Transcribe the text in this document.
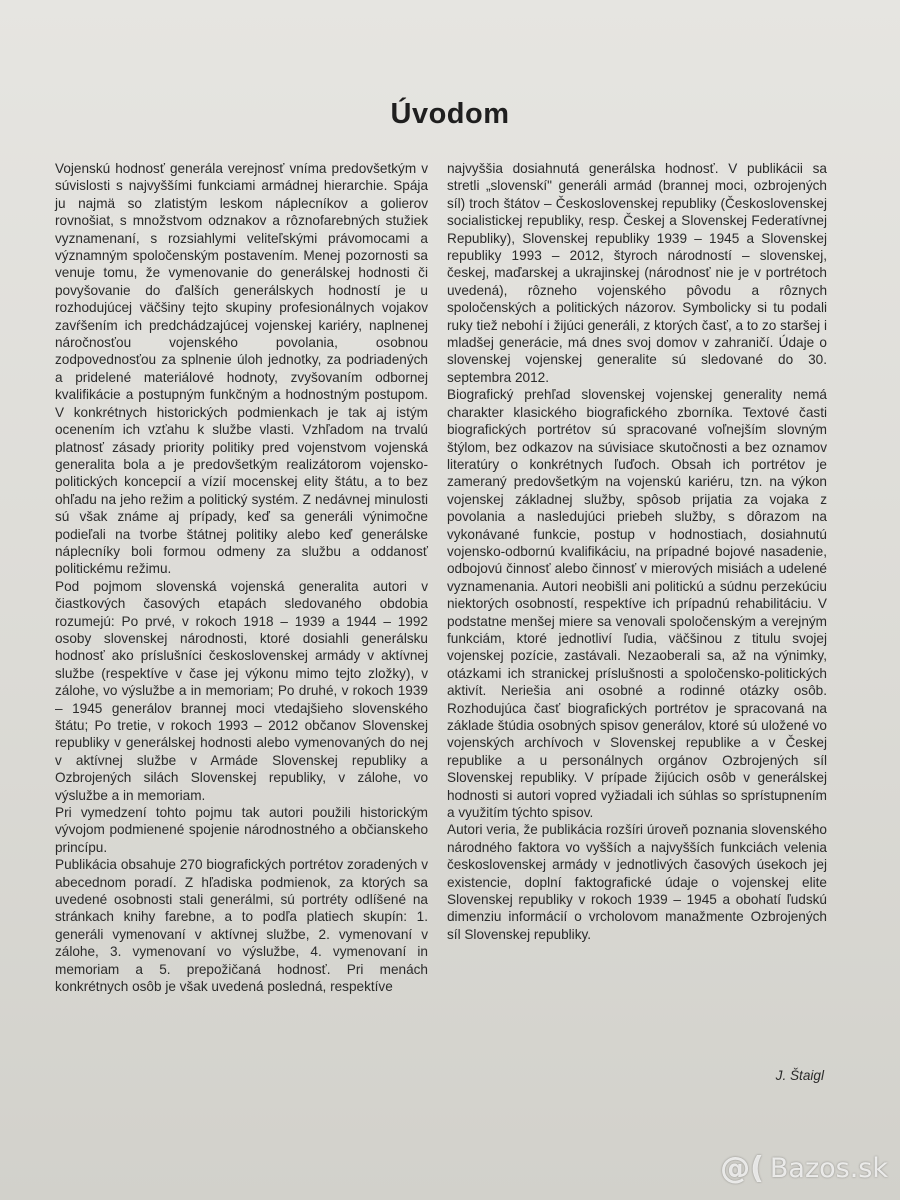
Úvodom

Vojenskú hodnosť generála verejnosť vníma predovšetkým v súvislosti s najvyššími funkciami armádnej hierarchie. Spája ju najmä so zlatistým leskom náplecníkov a golierov rovnošiat, s množstvom odznakov a rôznofarebných stužiek vyznamenaní, s rozsiahlymi veliteľskými právomocami a významným spoločenským postavením. Menej pozornosti sa venuje tomu, že vymenovanie do generálskej hodnosti či povyšovanie do ďalších generálskych hodností je u rozhodujúcej väčšiny tejto skupiny profesionálnych vojakov zavŕšením ich predchádzajúcej vojenskej kariéry, naplnenej náročnosťou vojenského povolania, osobnou zodpovednosťou za splnenie úloh jednotky, za podriadených a pridelené materiálové hodnoty, zvyšovaním odbornej kvalifikácie a postupným funkčným a hodnostným postupom. V konkrétnych historických podmienkach je tak aj istým ocenením ich vzťahu k službe vlasti. Vzhľadom na trvalú platnosť zásady priority politiky pred vojenstvom vojenská generalita bola a je predovšetkým realizátorom vojensko-politických koncepcií a vízií mocenskej elity štátu, a to bez ohľadu na jeho režim a politický systém. Z nedávnej minulosti sú však známe aj prípady, keď sa generáli výnimočne podieľali na tvorbe štátnej politiky alebo keď generálske náplecníky boli formou odmeny za službu a oddanosť politickému režimu.

Pod pojmom slovenská vojenská generalita autori v čiastkových časových etapách sledovaného obdobia rozumejú: Po prvé, v rokoch 1918 – 1939 a 1944 – 1992 osoby slovenskej národnosti, ktoré dosiahli generálsku hodnosť ako príslušníci československej armády v aktívnej službe (respektíve v čase jej výkonu mimo tejto zložky), v zálohe, vo výslužbe a in memoriam; Po druhé, v rokoch 1939 – 1945 generálov brannej moci vtedajšieho slovenského štátu; Po tretie, v rokoch 1993 – 2012 občanov Slovenskej republiky v generálskej hodnosti alebo vymenovaných do nej v aktívnej službe v Armáde Slovenskej republiky a Ozbrojených silách Slovenskej republiky, v zálohe, vo výslužbe a in memoriam.

Pri vymedzení tohto pojmu tak autori použili historickým vývojom podmienené spojenie národnostného a občianskeho princípu.

Publikácia obsahuje 270 biografických portrétov zoradených v abecednom poradí. Z hľadiska podmienok, za ktorých sa uvedené osobnosti stali generálmi, sú portréty odlíšené na stránkach knihy farebne, a to podľa platiech skupín: 1. generáli vymenovaní v aktívnej službe, 2. vymenovaní v zálohe, 3. vymenovaní vo výslužbe, 4. vymenovaní in memoriam a 5. prepožičaná hodnosť. Pri menách konkrétnych osôb je však uvedená posledná, respektíve

najvyššia dosiahnutá generálska hodnosť. V publikácii sa stretli „slovenskí" generáli armád (brannej moci, ozbrojených síl) troch štátov – Československej republiky (Československej socialistickej republiky, resp. Českej a Slovenskej Federatívnej Republiky), Slovenskej republiky 1939 – 1945 a Slovenskej republiky 1993 – 2012, štyroch národností – slovenskej, českej, maďarskej a ukrajinskej (národnosť nie je v portrétoch uvedená), rôzneho vojenského pôvodu a rôznych spoločenských a politických názorov. Symbolicky si tu podali ruky tiež nebohí i žijúci generáli, z ktorých časť, a to zo staršej i mladšej generácie, má dnes svoj domov v zahraničí. Údaje o slovenskej vojenskej generalite sú sledované do 30. septembra 2012.

Biografický prehľad slovenskej vojenskej generality nemá charakter klasického biografického zborníka. Textové časti biografických portrétov sú spracované voľnejším slovným štýlom, bez odkazov na súvisiace skutočnosti a bez oznamov literatúry o konkrétnych ľuďoch. Obsah ich portrétov je zameraný predovšetkým na vojenskú kariéru, tzn. na výkon vojenskej základnej služby, spôsob prijatia za vojaka z povolania a nasledujúci priebeh služby, s dôrazom na vykonávané funkcie, postup v hodnostiach, dosiahnutú vojensko-odbornú kvalifikáciu, na prípadné bojové nasadenie, odbojovú činnosť alebo činnosť v mierových misiách a udelené vyznamenania. Autori neobišli ani politickú a súdnu perzekúciu niektorých osobností, respektíve ich prípadnú rehabilitáciu. V podstatne menšej miere sa venovali spoločenským a verejným funkciám, ktoré jednotliví ľudia, väčšinou z titulu svojej vojenskej pozície, zastávali. Nezaoberali sa, až na výnimky, otázkami ich stranickej príslušnosti a spoločensko-politických aktivít. Neriešia ani osobné a rodinné otázky osôb. Rozhodujúca časť biografických portrétov je spracovaná na základe štúdia osobných spisov generálov, ktoré sú uložené vo vojenských archívoch v Slovenskej republike a v Českej republike a u personálnych orgánov Ozbrojených síl Slovenskej republiky. V prípade žijúcich osôb v generálskej hodnosti si autori vopred vyžiadali ich súhlas so sprístupnením a využitím týchto spisov.

Autori veria, že publikácia rozšíri úroveň poznania slovenského národného faktora vo vyšších a najvyšších funkciách velenia československej armády v jednotlivých časových úsekoch jej existencie, doplní faktografické údaje o vojenskej elite Slovenskej republiky v rokoch 1939 – 1945 a obohatí ľudskú dimenziu informácií o vrcholovom manažmente Ozbrojených síl Slovenskej republiky.

J. Štaigl
@( Bazos.sk
